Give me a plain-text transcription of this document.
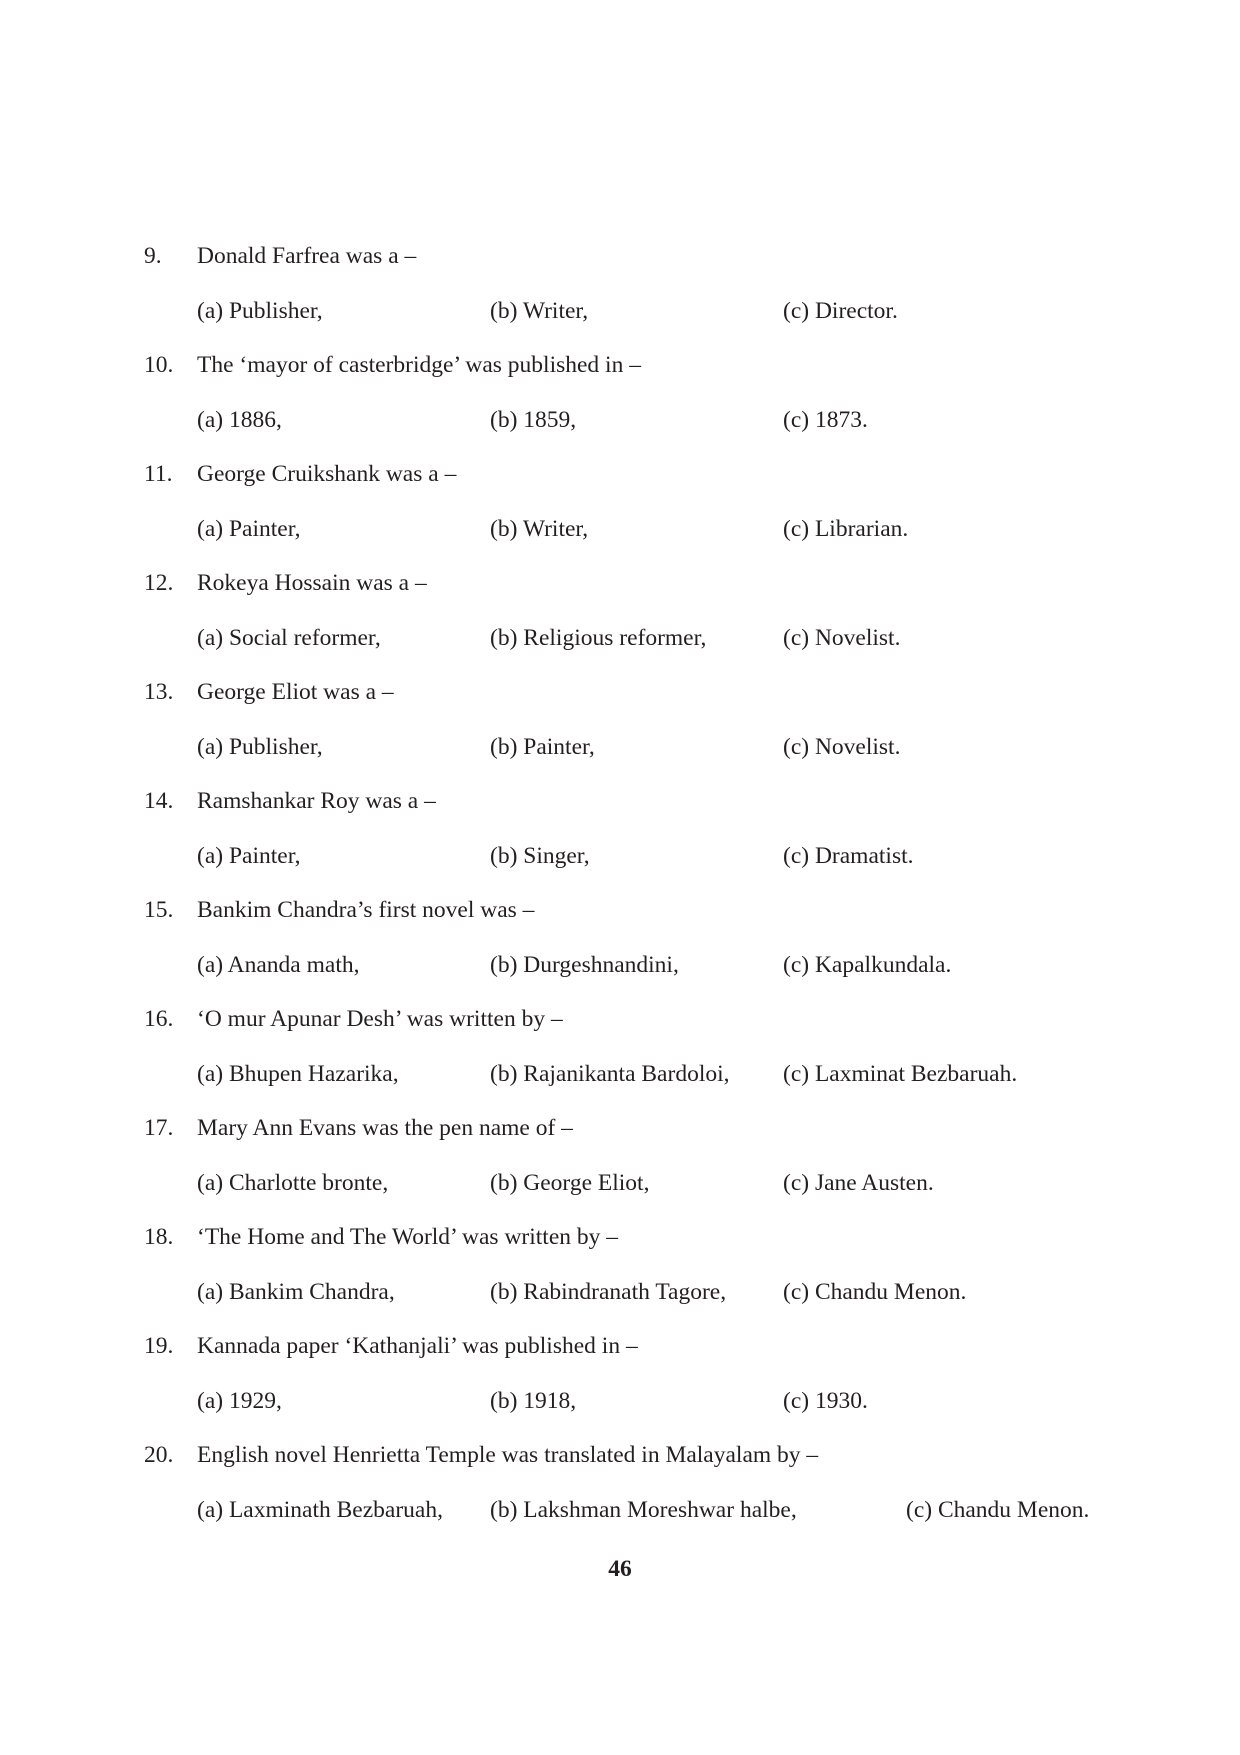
9. Donald Farfrea was a –
(a) Publisher,	(b) Writer,	(c) Director.
10. The ‘mayor of casterbridge’ was published in –
(a) 1886,	(b) 1859,	(c) 1873.
11. George Cruikshank was a –
(a) Painter,	(b) Writer,	(c) Librarian.
12. Rokeya Hossain was a –
(a) Social reformer,	(b) Religious reformer,	(c) Novelist.
13. George Eliot was a –
(a) Publisher,	(b) Painter,	(c) Novelist.
14. Ramshankar Roy was a –
(a) Painter,	(b) Singer,	(c) Dramatist.
15. Bankim Chandra’s first novel was –
(a) Ananda math,	(b) Durgeshnandini,	(c) Kapalkundala.
16. ‘O mur Apunar Desh’ was written by –
(a) Bhupen Hazarika,	(b) Rajanikanta Bardoloi, (c) Laxminat Bezbaruah.
17. Mary Ann Evans was the pen name of –
(a) Charlotte bronte,	(b) George Eliot,	(c) Jane Austen.
18. ‘The Home and The World’ was written by –
(a) Bankim Chandra,	(b) Rabindranath Tagore, (c) Chandu Menon.
19. Kannada paper ‘Kathanjali’ was published in –
(a) 1929,	(b) 1918,	(c) 1930.
20. English novel Henrietta Temple was translated in Malayalam by –
(a) Laxminath Bezbaruah, (b) Lakshman Moreshwar halbe,	(c) Chandu Menon.
46
